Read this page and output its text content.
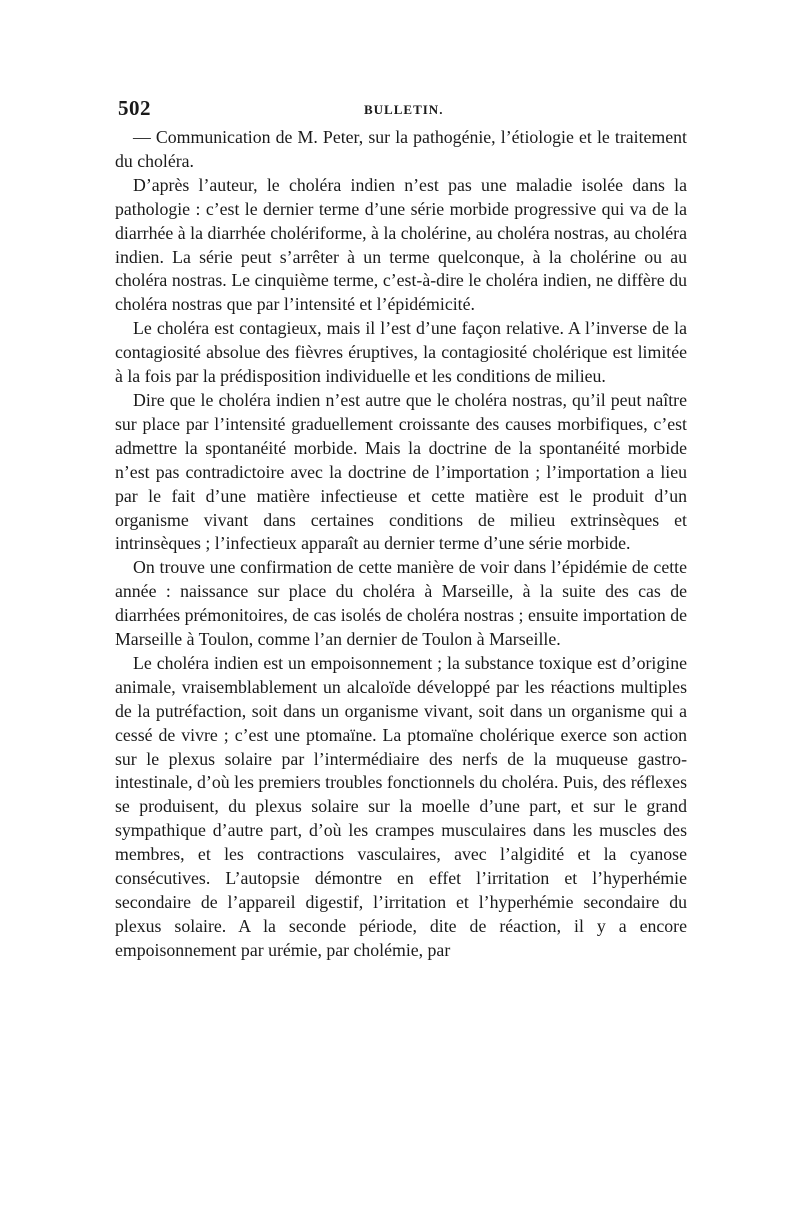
502	BULLETIN.

— Communication de M. Peter, sur la pathogénie, l’étiologie et le traitement du choléra.

D’après l’auteur, le choléra indien n’est pas une maladie isolée dans la pathologie : c’est le dernier terme d’une série morbide progressive qui va de la diarrhée à la diarrhée cholériforme, à la cholérine, au choléra nostras, au choléra indien. La série peut s’arrêter à un terme quelconque, à la cholérine ou au choléra nostras. Le cinquième terme, c’est-à-dire le choléra indien, ne diffère du choléra nostras que par l’intensité et l’épidémicité.

Le choléra est contagieux, mais il l’est d’une façon relative. A l’inverse de la contagiosité absolue des fièvres éruptives, la contagiosité cholérique est limitée à la fois par la prédisposition individuelle et les conditions de milieu.

Dire que le choléra indien n’est autre que le choléra nostras, qu’il peut naître sur place par l’intensité graduellement croissante des causes morbifiques, c’est admettre la spontanéité morbide. Mais la doctrine de la spontanéité morbide n’est pas contradictoire avec la doctrine de l’importation ; l’importation a lieu par le fait d’une matière infectieuse et cette matière est le produit d’un organisme vivant dans certaines conditions de milieu extrinsèques et intrinsèques ; l’infectieux apparaît au dernier terme d’une série morbide.

On trouve une confirmation de cette manière de voir dans l’épidémie de cette année : naissance sur place du choléra à Marseille, à la suite des cas de diarrhées prémonitoires, de cas isolés de choléra nostras ; ensuite importation de Marseille à Toulon, comme l’an dernier de Toulon à Marseille.

Le choléra indien est un empoisonnement ; la substance toxique est d’origine animale, vraisemblablement un alcaloïde développé par les réactions multiples de la putréfaction, soit dans un organisme vivant, soit dans un organisme qui a cessé de vivre ; c’est une ptomaïne. La ptomaïne cholérique exerce son action sur le plexus solaire par l’intermédiaire des nerfs de la muqueuse gastro-intestinale, d’où les premiers troubles fonctionnels du choléra. Puis, des réflexes se produisent, du plexus solaire sur la moelle d’une part, et sur le grand sympathique d’autre part, d’où les crampes musculaires dans les muscles des membres, et les contractions vasculaires, avec l’algidité et la cyanose consécutives. L’autopsie démontre en effet l’irritation et l’hyperhémie secondaire de l’appareil digestif, l’irritation et l’hyperhémie secondaire du plexus solaire. A la seconde période, dite de réaction, il y a encore empoisonnement par urémie, par cholémie, par
